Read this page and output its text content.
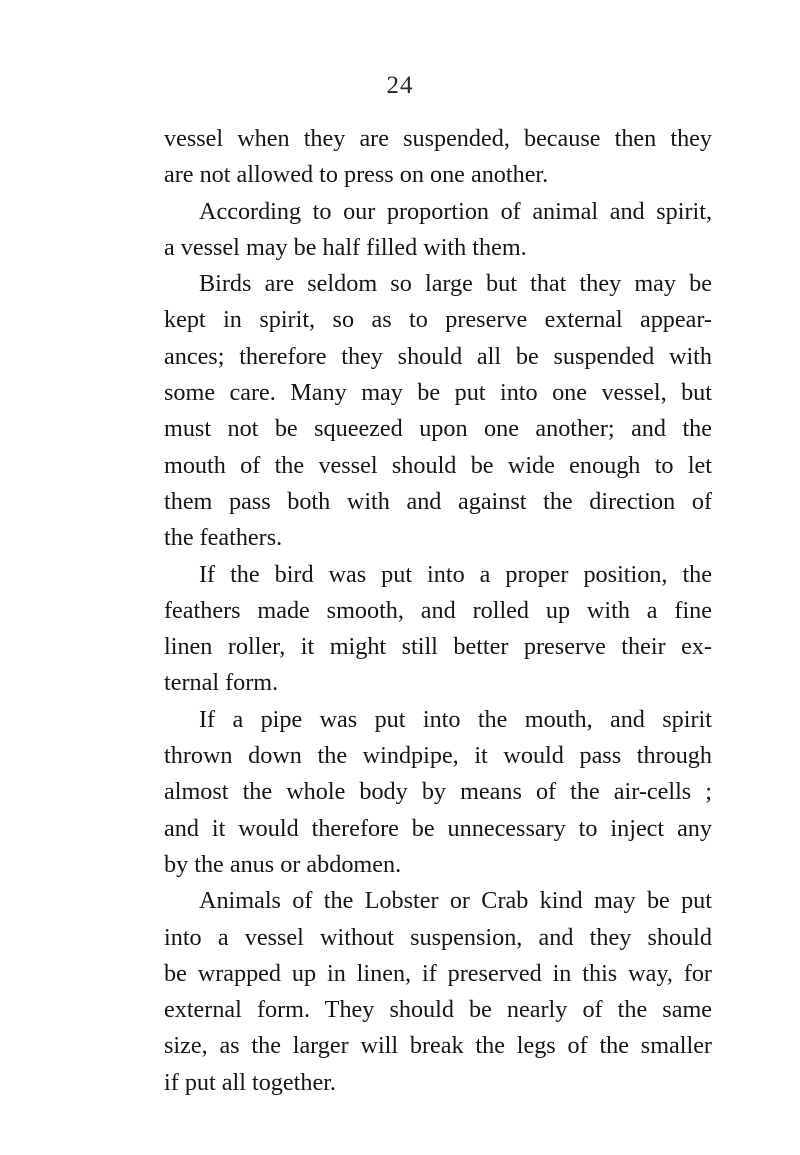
24
vessel when they are suspended, because then they
are not allowed to press on one another.
According to our proportion of animal and spirit,
a vessel may be half filled with them.
Birds are seldom so large but that they may be
kept in spirit, so as to preserve external appear-
ances; therefore they should all be suspended with
some care. Many may be put into one vessel, but
must not be squeezed upon one another; and the
mouth of the vessel should be wide enough to let
them pass both with and against the direction of
the feathers.
If the bird was put into a proper position, the
feathers made smooth, and rolled up with a fine
linen roller, it might still better preserve their ex-
ternal form.
If a pipe was put into the mouth, and spirit
thrown down the windpipe, it would pass through
almost the whole body by means of the air-cells ;
and it would therefore be unnecessary to inject any
by the anus or abdomen.
Animals of the Lobster or Crab kind may be put
into a vessel without suspension, and they should
be wrapped up in linen, if preserved in this way, for
external form. They should be nearly of the same
size, as the larger will break the legs of the smaller
if put all together.
